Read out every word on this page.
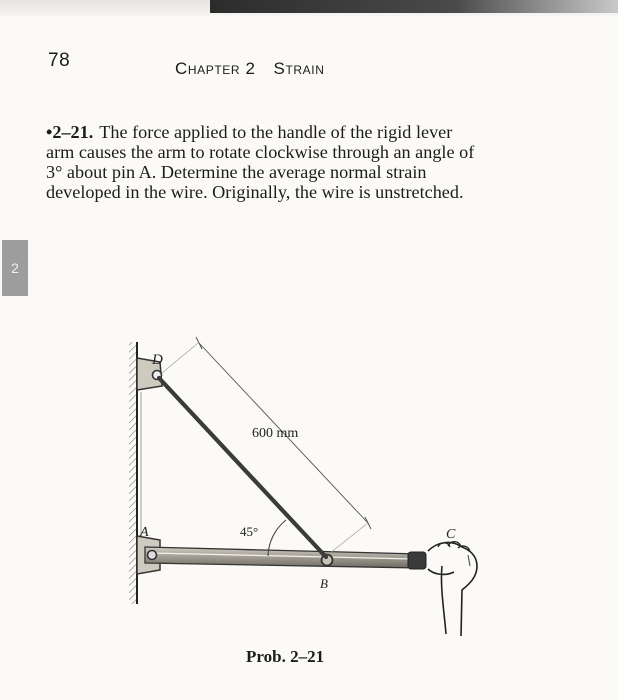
78	Chapter 2 Strain
•2–21. The force applied to the handle of the rigid lever
arm causes the arm to rotate clockwise through an angle of
3° about pin A. Determine the average normal strain
developed in the wire. Originally, the wire is unstretched.
2
D
A
B
C
600 mm
45°
Prob. 2–21
